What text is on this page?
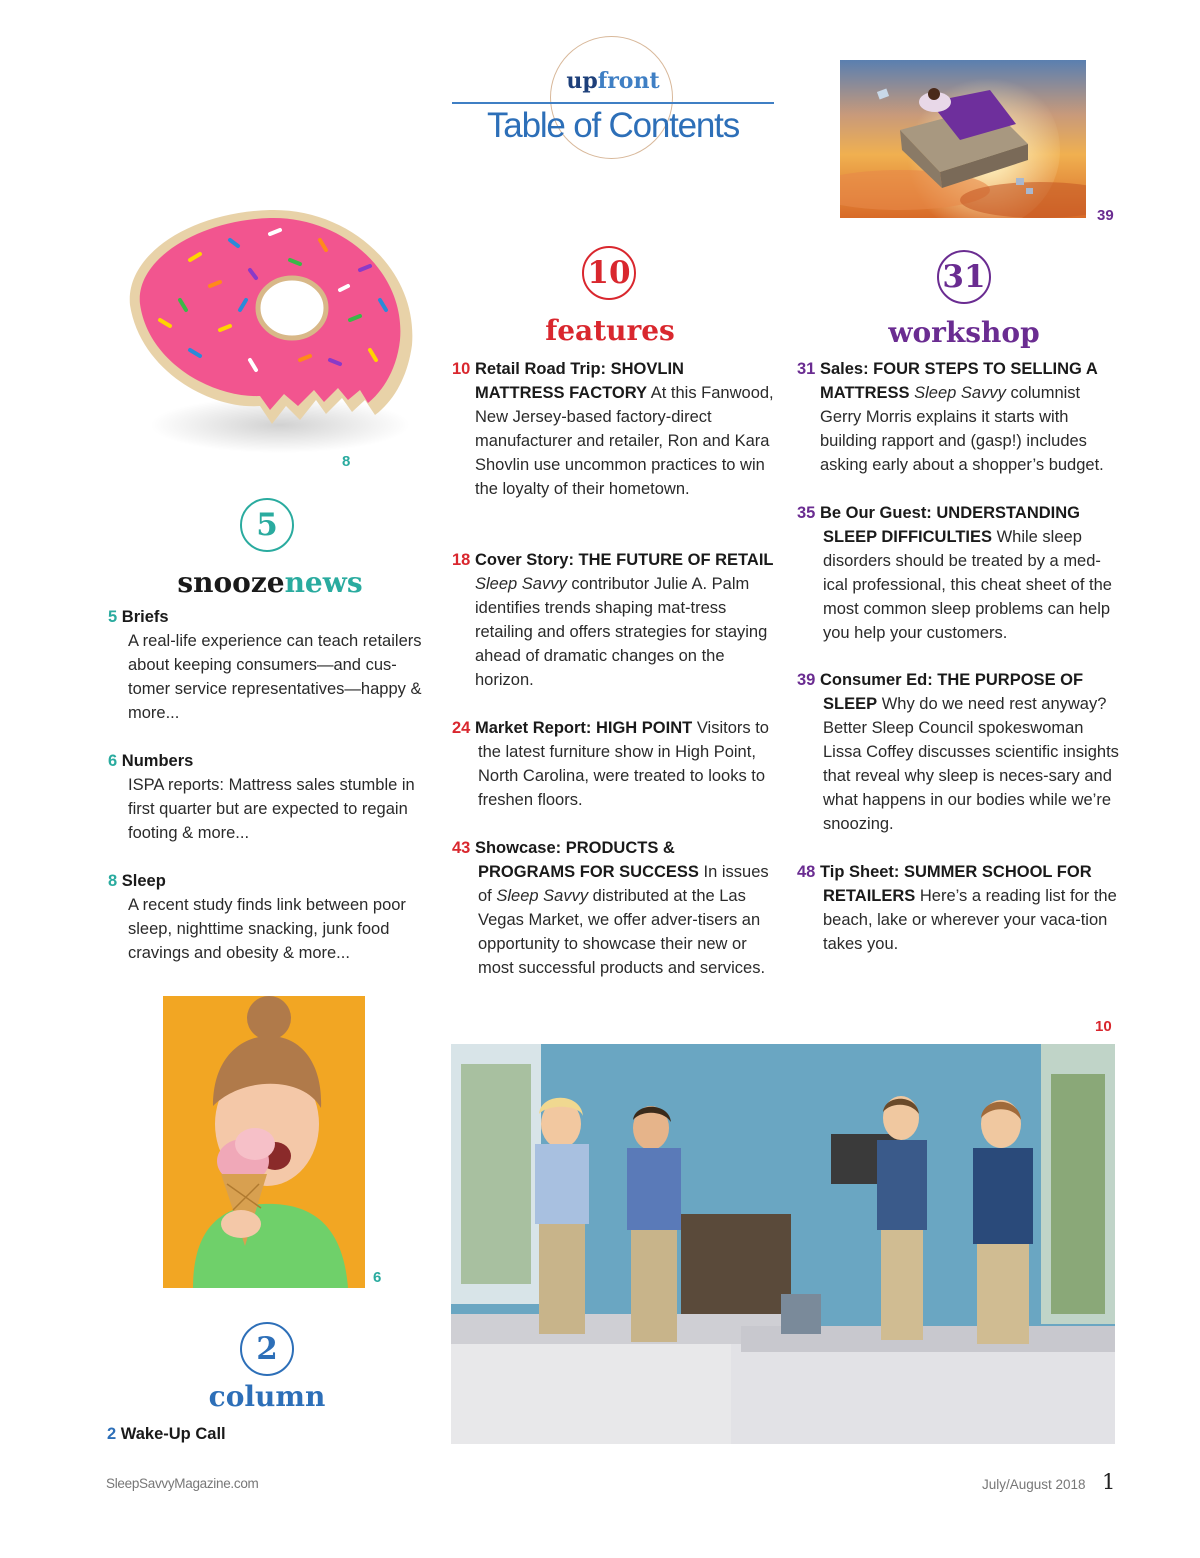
upfront
Table of Contents
39
8
6
10
5
snoozenews
5 Briefs
A real-life experience can teach retailers about keeping consumers—and cus-tomer service representatives—happy & more...
6 Numbers
ISPA reports: Mattress sales stumble in first quarter but are expected to regain footing & more...
8 Sleep
A recent study finds link between poor sleep, nighttime snacking, junk food cravings and obesity & more...
10
features
10 Retail Road Trip: SHOVLIN MATTRESS FACTORY At this Fanwood, New Jersey-based factory-direct manufacturer and retailer, Ron and Kara Shovlin use uncommon practices to win the loyalty of their hometown.
18 Cover Story: THE FUTURE OF RETAIL Sleep Savvy contributor Julie A. Palm identifies trends shaping mat-tress retailing and offers strategies for staying ahead of dramatic changes on the horizon.
24 Market Report: HIGH POINT Visitors to the latest furniture show in High Point, North Carolina, were treated to looks to freshen floors.
43 Showcase: PRODUCTS & PROGRAMS FOR SUCCESS In issues of Sleep Savvy distributed at the Las Vegas Market, we offer adver-tisers an opportunity to showcase their new or most successful products and services.
31
workshop
31 Sales: FOUR STEPS TO SELLING A MATTRESS Sleep Savvy columnist Gerry Morris explains it starts with building rapport and (gasp!) includes asking early about a shopper’s budget.
35 Be Our Guest: UNDERSTANDING SLEEP DIFFICULTIES While sleep disorders should be treated by a med-ical professional, this cheat sheet of the most common sleep problems can help you help your customers.
39 Consumer Ed: THE PURPOSE OF SLEEP Why do we need rest anyway? Better Sleep Council spokeswoman Lissa Coffey discusses scientific insights that reveal why sleep is neces-sary and what happens in our bodies while we’re snoozing.
48 Tip Sheet: SUMMER SCHOOL FOR RETAILERS Here’s a reading list for the beach, lake or wherever your vaca-tion takes you.
2
column
2 Wake-Up Call
SleepSavvyMagazine.com	July/August 2018 1
